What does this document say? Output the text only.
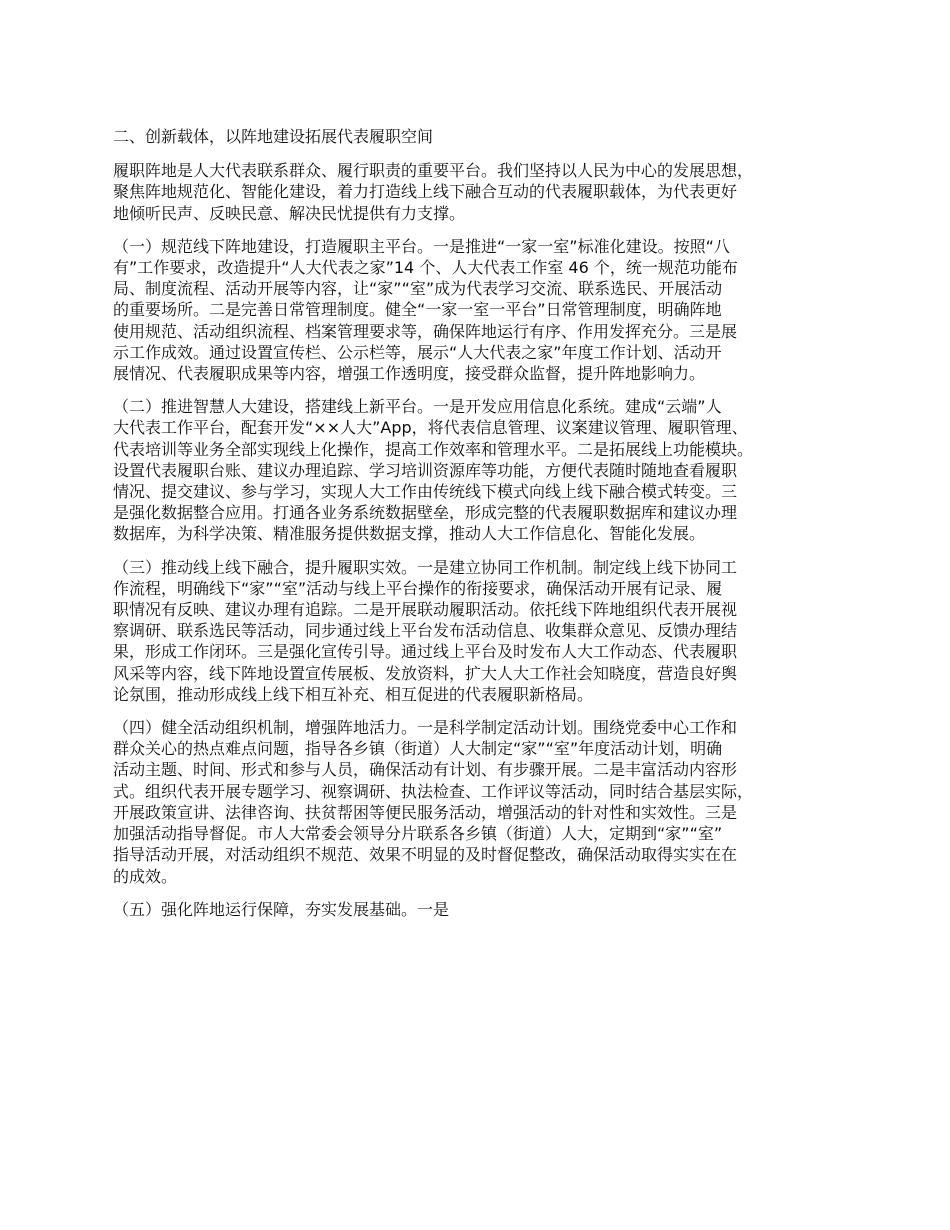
二、创新载体，以阵地建设拓展代表履职空间
履职阵地是人大代表联系群众、履行职责的重要平台。我们坚持以人民为中心的发展思想，
聚焦阵地规范化、智能化建设，着力打造线上线下融合互动的代表履职载体，为代表更好
地倾听民声、反映民意、解决民忧提供有力支撑。
（一）规范线下阵地建设，打造履职主平台。一是推进“一家一室”标准化建设。按照“八
有”工作要求，改造提升“人大代表之家”14 个、人大代表工作室 46 个，统一规范功能布
局、制度流程、活动开展等内容，让“家”“室”成为代表学习交流、联系选民、开展活动
的重要场所。二是完善日常管理制度。健全“一家一室一平台”日常管理制度，明确阵地
使用规范、活动组织流程、档案管理要求等，确保阵地运行有序、作用发挥充分。三是展
示工作成效。通过设置宣传栏、公示栏等，展示“人大代表之家”年度工作计划、活动开
展情况、代表履职成果等内容，增强工作透明度，接受群众监督，提升阵地影响力。
（二）推进智慧人大建设，搭建线上新平台。一是开发应用信息化系统。建成“云端”人
大代表工作平台，配套开发“××人大”App，将代表信息管理、议案建议管理、履职管理、
代表培训等业务全部实现线上化操作，提高工作效率和管理水平。二是拓展线上功能模块。
设置代表履职台账、建议办理追踪、学习培训资源库等功能，方便代表随时随地查看履职
情况、提交建议、参与学习，实现人大工作由传统线下模式向线上线下融合模式转变。三
是强化数据整合应用。打通各业务系统数据壁垒，形成完整的代表履职数据库和建议办理
数据库，为科学决策、精准服务提供数据支撑，推动人大工作信息化、智能化发展。
（三）推动线上线下融合，提升履职实效。一是建立协同工作机制。制定线上线下协同工
作流程，明确线下“家”“室”活动与线上平台操作的衔接要求，确保活动开展有记录、履
职情况有反映、建议办理有追踪。二是开展联动履职活动。依托线下阵地组织代表开展视
察调研、联系选民等活动，同步通过线上平台发布活动信息、收集群众意见、反馈办理结
果，形成工作闭环。三是强化宣传引导。通过线上平台及时发布人大工作动态、代表履职
风采等内容，线下阵地设置宣传展板、发放资料，扩大人大工作社会知晓度，营造良好舆
论氛围，推动形成线上线下相互补充、相互促进的代表履职新格局。
（四）健全活动组织机制，增强阵地活力。一是科学制定活动计划。围绕党委中心工作和
群众关心的热点难点问题，指导各乡镇（街道）人大制定“家”“室”年度活动计划，明确
活动主题、时间、形式和参与人员，确保活动有计划、有步骤开展。二是丰富活动内容形
式。组织代表开展专题学习、视察调研、执法检查、工作评议等活动，同时结合基层实际，
开展政策宣讲、法律咨询、扶贫帮困等便民服务活动，增强活动的针对性和实效性。三是
加强活动指导督促。市人大常委会领导分片联系各乡镇（街道）人大，定期到“家”“室”
指导活动开展，对活动组织不规范、效果不明显的及时督促整改，确保活动取得实实在在
的成效。
（五）强化阵地运行保障，夯实发展基础。一是
